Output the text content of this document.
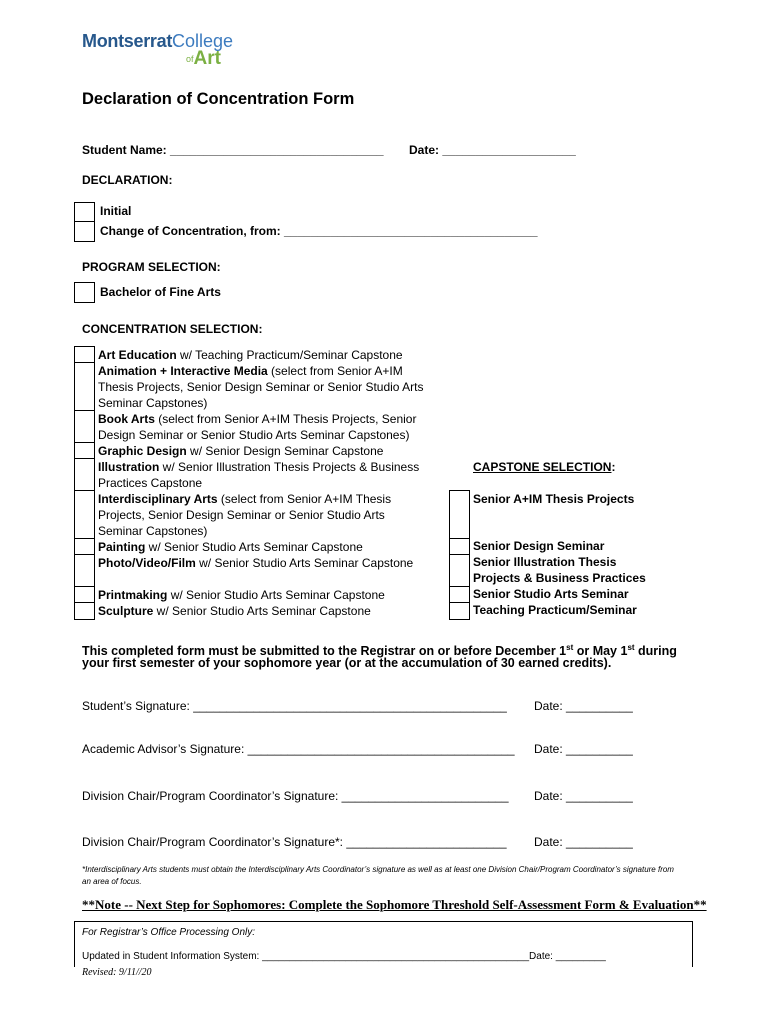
MontserratCollege
$^{of}$Art
Declaration of Concentration Form
Student Name: ________________________________ Date: ____________________
DECLARATION:
Initial
Change of Concentration, from: ______________________________________
PROGRAM SELECTION:
Bachelor of Fine Arts
CONCENTRATION SELECTION:
Art Education w/ Teaching Practicum/Seminar Capstone
Animation + Interactive Media (select from Senior A+IM
Thesis Projects, Senior Design Seminar or Senior Studio Arts
Seminar Capstones)
Book Arts (select from Senior A+IM Thesis Projects, Senior
Design Seminar or Senior Studio Arts Seminar Capstones)
Graphic Design w/ Senior Design Seminar Capstone
Illustration w/ Senior Illustration Thesis Projects & Business
Practices Capstone
Interdisciplinary Arts (select from Senior A+IM Thesis
Projects, Senior Design Seminar or Senior Studio Arts
Seminar Capstones)
Painting w/ Senior Studio Arts Seminar Capstone
Photo/Video/Film w/ Senior Studio Arts Seminar Capstone

Printmaking w/ Senior Studio Arts Seminar Capstone
Sculpture w/ Senior Studio Arts Seminar Capstone
CAPSTONE SELECTION:
Senior A+IM Thesis Projects
Senior Design Seminar
Senior Illustration Thesis
Projects & Business Practices
Senior Studio Arts Seminar
Teaching Practicum/Seminar
This completed form must be submitted to the Registrar on or before December 1st or May 1st during
your first semester of your sophomore year (or at the accumulation of 30 earned credits).
Student’s Signature: _______________________________________________ Date: __________
Academic Advisor’s Signature: ________________________________________ Date: __________
Division Chair/Program Coordinator’s Signature: _________________________ Date: __________
Division Chair/Program Coordinator’s Signature*: ________________________ Date: __________
*Interdisciplinary Arts students must obtain the Interdisciplinary Arts Coordinator’s signature as well as at least one Division Chair/Program Coordinator’s signature from an area of focus.
**Note -- Next Step for Sophomores: Complete the Sophomore Threshold Self-Assessment Form & Evaluation**
For Registrar’s Office Processing Only:
Updated in Student Information System: ________________________________________________Date: _________
Revised: 9/11//20
